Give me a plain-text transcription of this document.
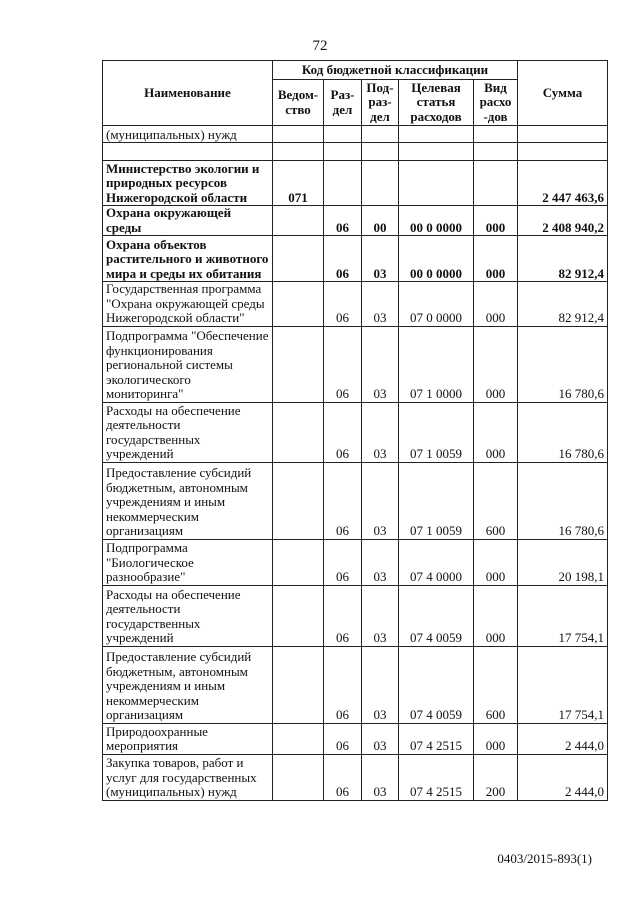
72
Наименование	Код бюджетной классификации					Сумма
	Ведом-ство	Раз-дел	Под-раз-дел	Целевая статья расходов	Вид расхо -дов	
(муниципальных) нужд						

Министерство экологии и природных ресурсов Нижегородской области	071					2 447 463,6
Охрана окружающей среды		06	00	00 0 0000	000	2 408 940,2
Охрана объектов растительного и животного мира и среды их обитания		06	03	00 0 0000	000	82 912,4
Государственная программа "Охрана окружающей среды Нижегородской области"		06	03	07 0 0000	000	82 912,4
Подпрограмма "Обеспечение функционирования региональной системы экологического мониторинга"		06	03	07 1 0000	000	16 780,6
Расходы на обеспечение деятельности государственных учреждений		06	03	07 1 0059	000	16 780,6
Предоставление субсидий бюджетным, автономным учреждениям и иным некоммерческим организациям		06	03	07 1 0059	600	16 780,6
Подпрограмма "Биологическое разнообразие"		06	03	07 4 0000	000	20 198,1
Расходы на обеспечение деятельности государственных учреждений		06	03	07 4 0059	000	17 754,1
Предоставление субсидий бюджетным, автономным учреждениям и иным некоммерческим организациям		06	03	07 4 0059	600	17 754,1
Природоохранные мероприятия		06	03	07 4 2515	000	2 444,0
Закупка товаров, работ и услуг для государственных (муниципальных) нужд		06	03	07 4 2515	200	2 444,0
0403/2015-893(1)
